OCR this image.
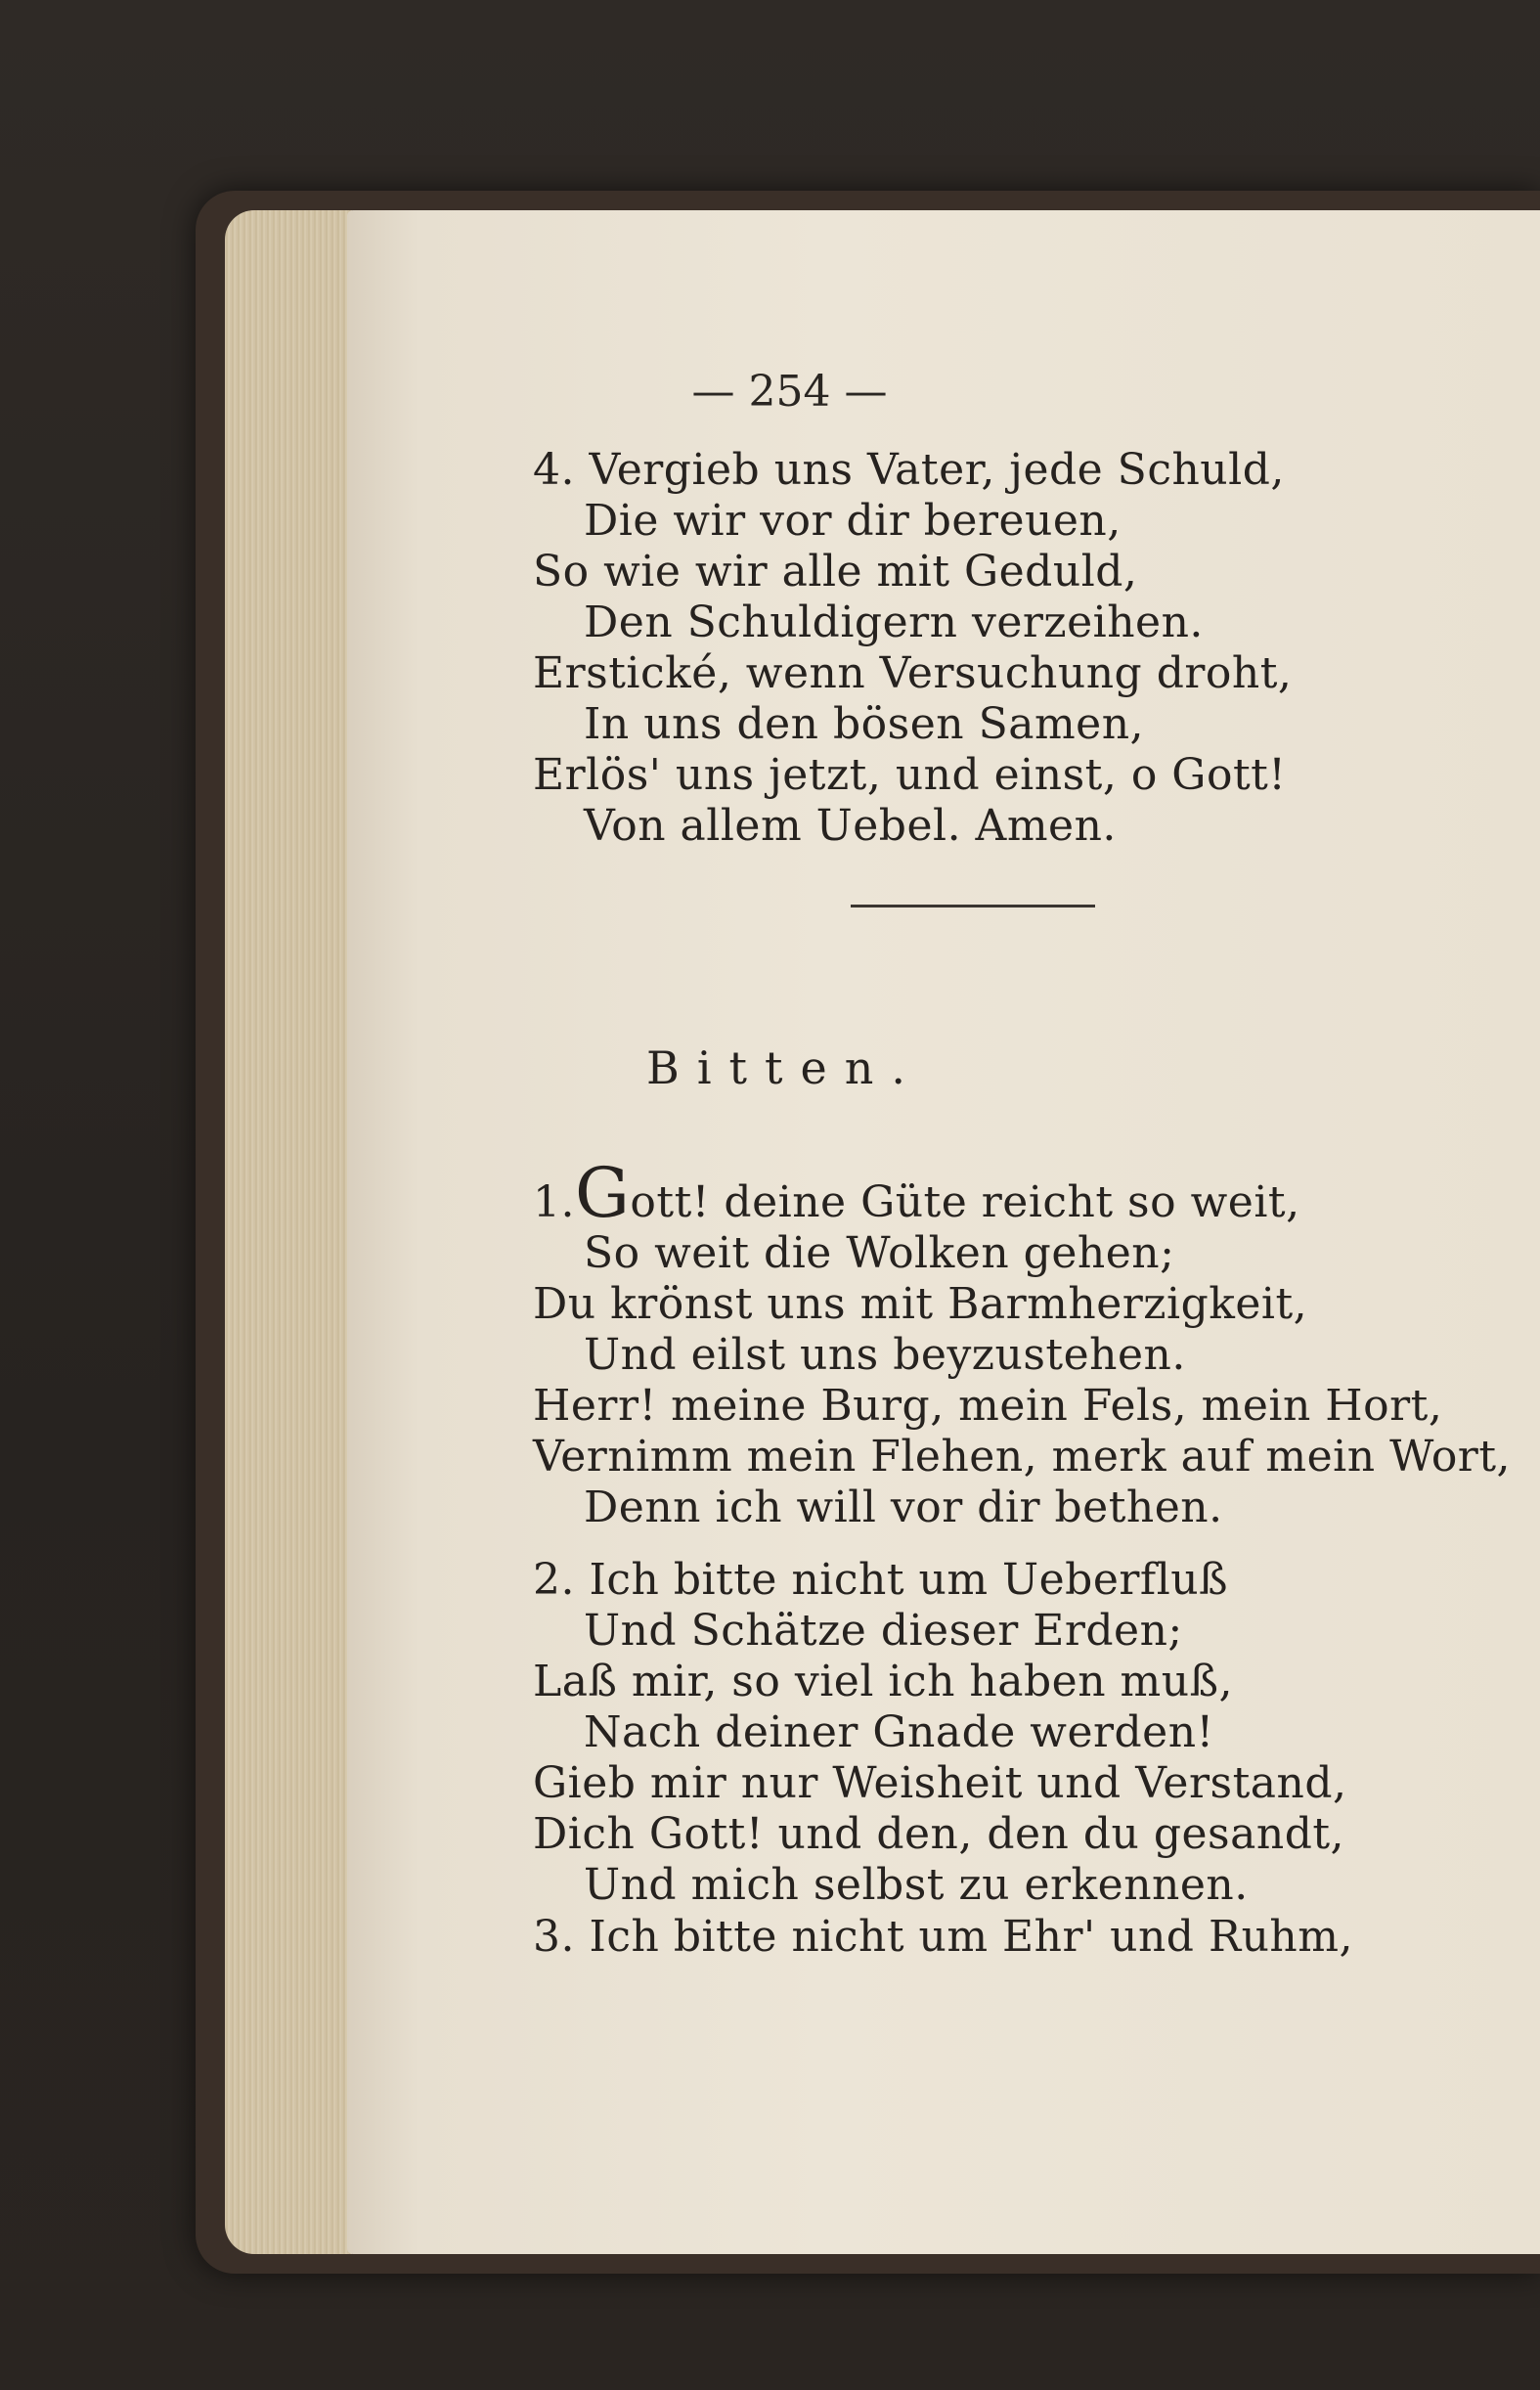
— 254 —
4. Vergieb uns Vater, jede Schuld,
Die wir vor dir bereuen,
So wie wir alle mit Geduld,
Den Schuldigern verzeihen.
Erstické, wenn Versuchung droht,
In uns den bösen Samen,
Erlös' uns jetzt, und einst, o Gott!
Von allem Uebel. Amen.
Bitten.
1.Gott! deine Güte reicht so weit,
So weit die Wolken gehen;
Du krönst uns mit Barmherzigkeit,
Und eilst uns beyzustehen.
Herr! meine Burg, mein Fels, mein Hort,
Vernimm mein Flehen, merk auf mein Wort,
Denn ich will vor dir bethen.
2. Ich bitte nicht um Ueberfluß
Und Schätze dieser Erden;
Laß mir, so viel ich haben muß,
Nach deiner Gnade werden!
Gieb mir nur Weisheit und Verstand,
Dich Gott! und den, den du gesandt,
Und mich selbst zu erkennen.
3. Ich bitte nicht um Ehr' und Ruhm,
